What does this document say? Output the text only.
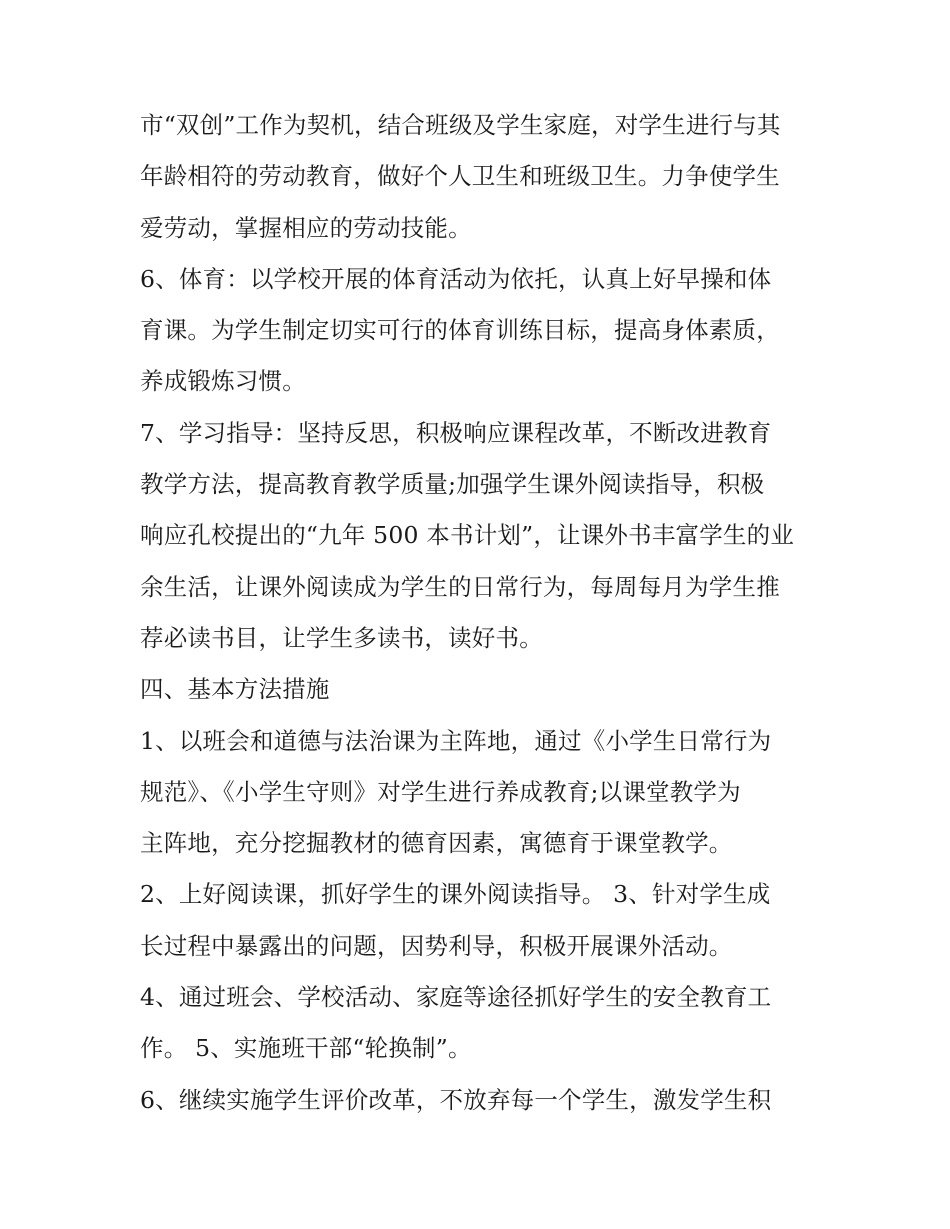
市“双创”工作为契机，结合班级及学生家庭，对学生进行与其
年龄相符的劳动教育，做好个人卫生和班级卫生。力争使学生
爱劳动，掌握相应的劳动技能。
6、体育：以学校开展的体育活动为依托，认真上好早操和体
育课。为学生制定切实可行的体育训练目标，提高身体素质，
养成锻炼习惯。
7、学习指导：坚持反思，积极响应课程改革，不断改进教育
教学方法，提高教育教学质量;加强学生课外阅读指导，积极
响应孔校提出的“九年 500 本书计划”，让课外书丰富学生的业
余生活，让课外阅读成为学生的日常行为，每周每月为学生推
荐必读书目，让学生多读书，读好书。
四、基本方法措施
1、以班会和道德与法治课为主阵地，通过《小学生日常行为
规范》、《小学生守则》对学生进行养成教育;以课堂教学为
主阵地，充分挖掘教材的德育因素，寓德育于课堂教学。
2、上好阅读课，抓好学生的课外阅读指导。 3、针对学生成
长过程中暴露出的问题，因势利导，积极开展课外活动。
4、通过班会、学校活动、家庭等途径抓好学生的安全教育工
作。 5、实施班干部“轮换制”。
6、继续实施学生评价改革，不放弃每一个学生，激发学生积
